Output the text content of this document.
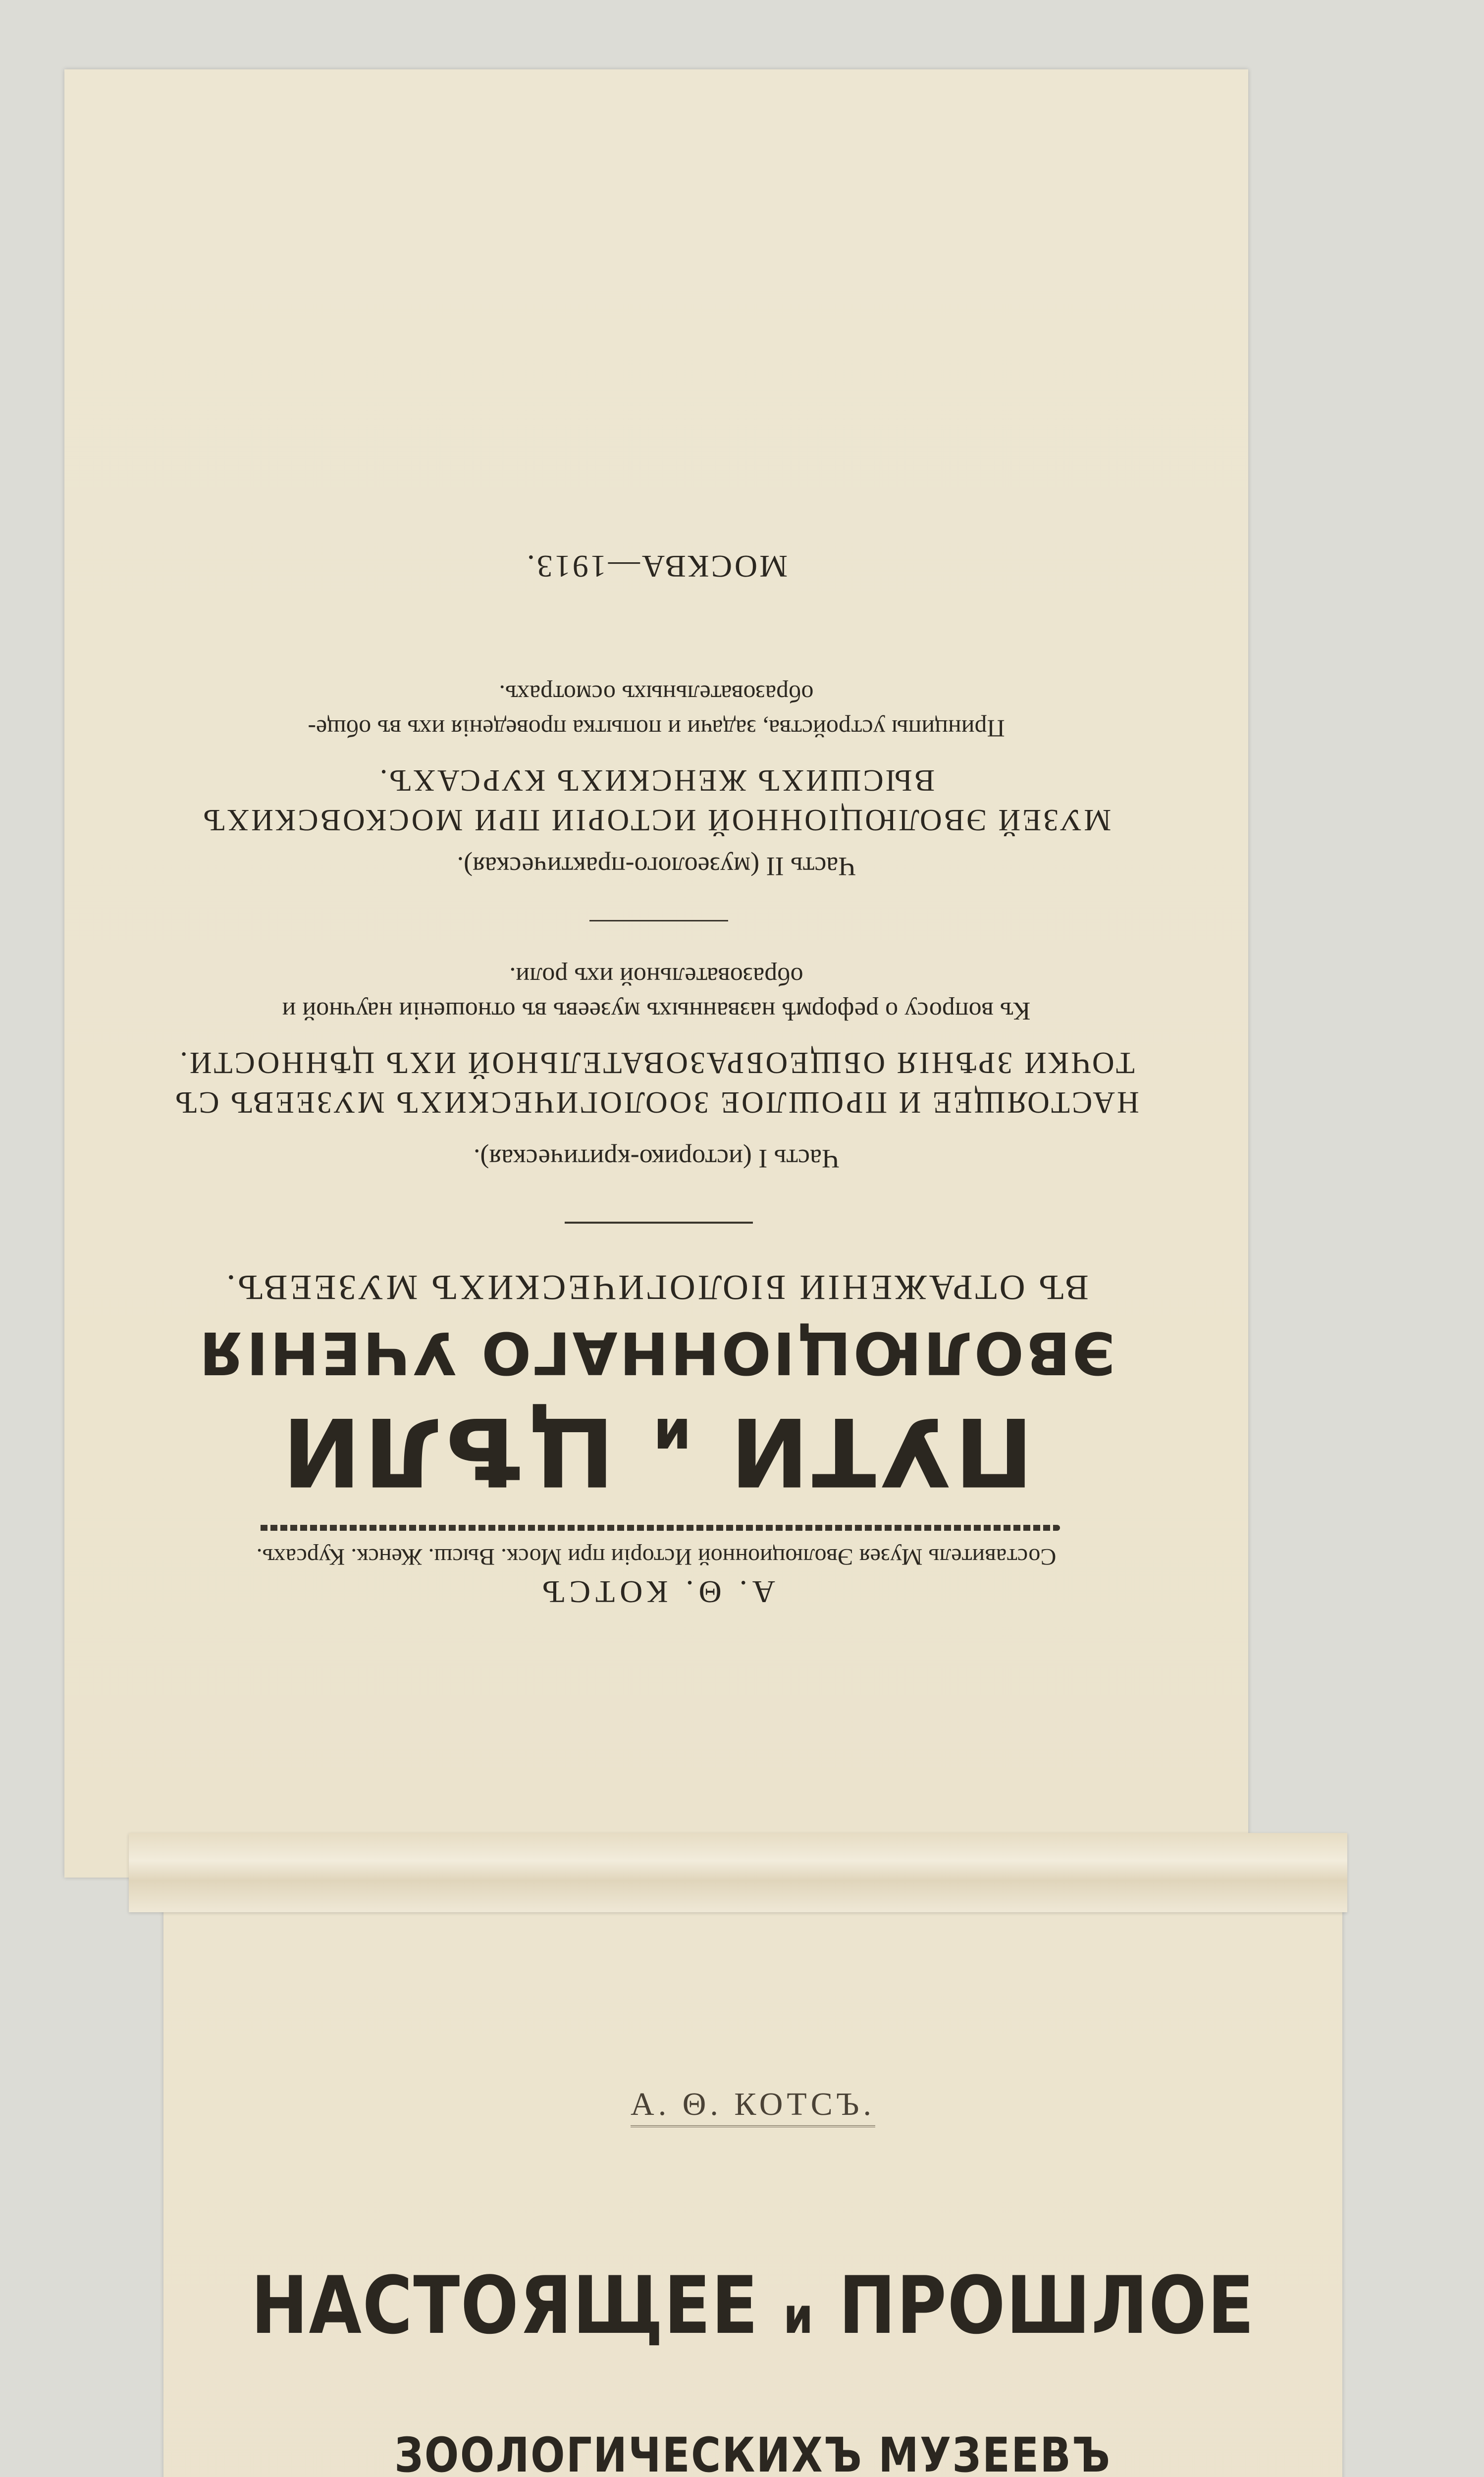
А. Θ. КОТСЪ
Составитель Музея Эволюционной Исторіи при Моск. Высш. Женск. Курсахъ.
ПУТИ и ЦѢЛИ
ЭВОЛЮЦІОННАГО УЧЕНІЯ
ВЪ ОТРАЖЕНІИ БІОЛОГИЧЕСКИХЪ МУЗЕЕВЪ.
Часть I (историко-критическая).
НАСТОЯЩЕЕ И ПРОШЛОЕ ЗООЛОГИЧЕСКИХЪ МУЗЕЕВЪ СЪ
ТОЧКИ ЗРѢНІЯ ОБЩЕОБРАЗОВАТЕЛЬНОЙ ИХЪ ЦѢННОСТИ.
Къ вопросу о реформѣ названныхъ музеевъ въ отношеніи научной и
образовательной ихъ роли.
Часть II (музеолого-практическая).
МУЗЕЙ ЭВОЛЮЦІОННОЙ ИСТОРІИ ПРИ МОСКОВСКИХЪ
ВЫСШИХЪ ЖЕНСКИХЪ КУРСАХЪ.
Принципы устройства, задачи и попытка проведенія ихъ въ обще-
образовательныхъ осмотрахъ.
МОСКВА—1913.
А. Θ. КОТСЪ.
НАСТОЯЩЕЕ и ПРОШЛОЕ
ЗООЛОГИЧЕСКИХЪ МУЗЕЕВЪ
